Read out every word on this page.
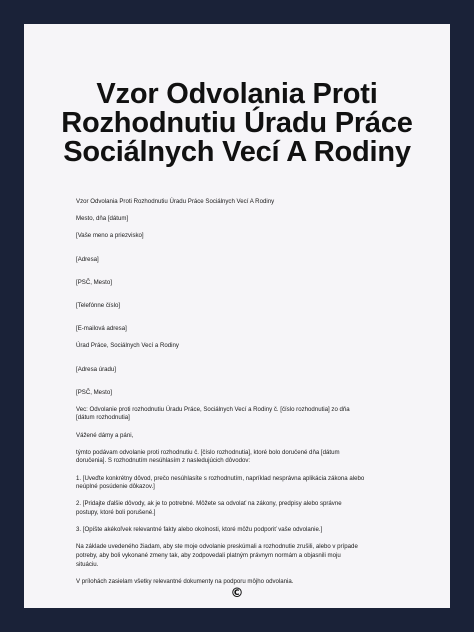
Vzor Odvolania Proti
Rozhodnutiu Úradu Práce
Sociálnych Vecí A Rodiny

Vzor Odvolania Proti Rozhodnutiu Úradu Práce Sociálnych Vecí A Rodiny

Mesto, dňa [dátum]

[Vaše meno a priezvisko]

[Adresa]

[PSČ, Mesto]

[Telefónne číslo]

[E-mailová adresa]

Úrad Práce, Sociálnych Vecí a Rodiny

[Adresa úradu]

[PSČ, Mesto]

Vec: Odvolanie proti rozhodnutiu Úradu Práce, Sociálnych Vecí a Rodiny č. [číslo rozhodnutia] zo dňa

[dátum rozhodnutia]

Vážené dámy a páni,

týmto podávam odvolanie proti rozhodnutiu č. [číslo rozhodnutia], ktoré bolo doručené dňa [dátum

doručenia]. S rozhodnutím nesúhlasím z nasledujúcich dôvodov:

1. [Uveďte konkrétny dôvod, prečo nesúhlasíte s rozhodnutím, napríklad nesprávna aplikácia zákona alebo

neúplné posúdenie dôkazov.]

2. [Pridajte ďalšie dôvody, ak je to potrebné. Môžete sa odvolať na zákony, predpisy alebo správne

postupy, ktoré boli porušené.]

3. [Opíšte akékoľvek relevantné fakty alebo okolnosti, ktoré môžu podporiť vaše odvolanie.]

Na základe uvedeného žiadam, aby ste moje odvolanie preskúmali a rozhodnutie zrušili, alebo v prípade

potreby, aby boli vykonané zmeny tak, aby zodpovedali platným právnym normám a objasnili moju

situáciu.

V prílohách zasielam všetky relevantné dokumenty na podporu môjho odvolania.

©
